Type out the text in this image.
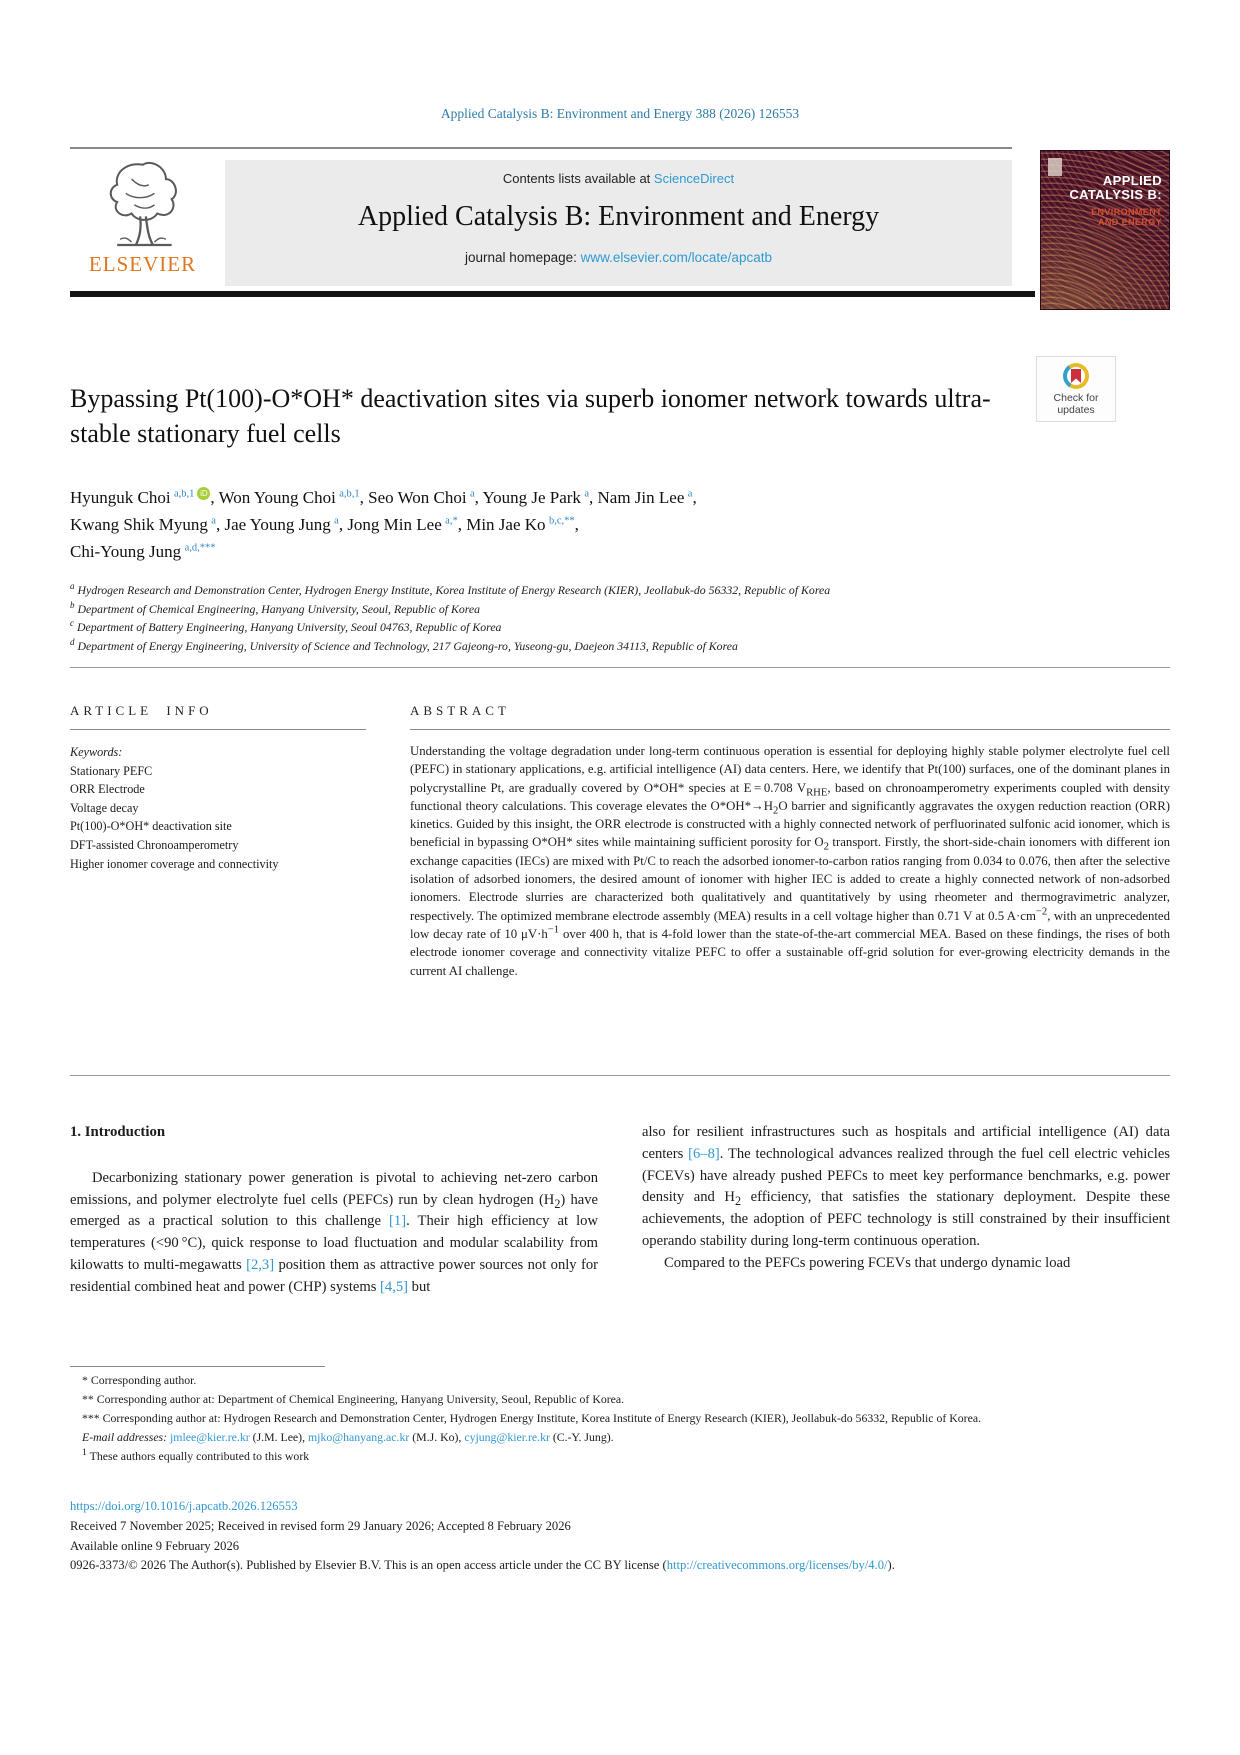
Applied Catalysis B: Environment and Energy 388 (2026) 126553
ELSEVIER
Contents lists available at ScienceDirect
Applied Catalysis B: Environment and Energy
journal homepage: www.elsevier.com/locate/apcatb
APPLIED
CATALYSIS B:
ENVIRONMENT
AND ENERGY
Check for
updates
Bypassing Pt(100)-O*OH* deactivation sites via superb ionomer network towards ultra-stable stationary fuel cells
Hyunguk Choi $^{a,b,1}$ iD , Won Young Choi $^{a,b,1}$, Seo Won Choi $^a$, Young Je Park $^a$, Nam Jin Lee $^a$,
Kwang Shik Myung $^a$, Jae Young Jung $^a$, Jong Min Lee $^{a,*}$, Min Jae Ko $^{b,c,**}$,
Chi-Young Jung $^{a,d,***}$
$^a$ Hydrogen Research and Demonstration Center, Hydrogen Energy Institute, Korea Institute of Energy Research (KIER), Jeollabuk-do 56332, Republic of Korea
$^b$ Department of Chemical Engineering, Hanyang University, Seoul, Republic of Korea
$^c$ Department of Battery Engineering, Hanyang University, Seoul 04763, Republic of Korea
$^d$ Department of Energy Engineering, University of Science and Technology, 217 Gajeong-ro, Yuseong-gu, Daejeon 34113, Republic of Korea
ARTICLE INFO
Keywords:
Stationary PEFC
ORR Electrode
Voltage decay
Pt(100)-O*OH* deactivation site
DFT-assisted Chronoamperometry
Higher ionomer coverage and connectivity
ABSTRACT
Understanding the voltage degradation under long-term continuous operation is essential for deploying highly stable polymer electrolyte fuel cell (PEFC) in stationary applications, e.g. artificial intelligence (AI) data centers. Here, we identify that Pt(100) surfaces, one of the dominant planes in polycrystalline Pt, are gradually covered by O*OH* species at E = 0.708 $V_{RHE}$, based on chronoamperometry experiments coupled with density functional theory calculations. This coverage elevates the $O*OH*\to H_2O$ barrier and significantly aggravates the oxygen reduction reaction (ORR) kinetics. Guided by this insight, the ORR electrode is constructed with a highly connected network of perfluorinated sulfonic acid ionomer, which is beneficial in bypassing O*OH* sites while maintaining sufficient porosity for $O_2$ transport. Firstly, the short-side-chain ionomers with different ion exchange capacities (IECs) are mixed with Pt/C to reach the adsorbed ionomer-to-carbon ratios ranging from 0.034 to 0.076, then after the selective isolation of adsorbed ionomers, the desired amount of ionomer with higher IEC is added to create a highly connected network of non-adsorbed ionomers. Electrode slurries are characterized both qualitatively and quantitatively by using rheometer and thermogravimetric analyzer, respectively. The optimized membrane electrode assembly (MEA) results in a cell voltage higher than 0.71 V at 0.5 $A\cdot cm^{-2}$, with an unprecedented low decay rate of 10 $\mu V\cdot h^{-1}$ over 400 h, that is 4-fold lower than the state-of-the-art commercial MEA. Based on these findings, the rises of both electrode ionomer coverage and connectivity vitalize PEFC to offer a sustainable off-grid solution for ever-growing electricity demands in the current AI challenge.
1. Introduction

Decarbonizing stationary power generation is pivotal to achieving net-zero carbon emissions, and polymer electrolyte fuel cells (PEFCs) run by clean hydrogen $(H_2)$ have emerged as a practical solution to this challenge [1]. Their high efficiency at low temperatures (<90 °C), quick response to load fluctuation and modular scalability from kilowatts to multi-megawatts [2,3] position them as attractive power sources not only for residential combined heat and power (CHP) systems [4,5] but

also for resilient infrastructures such as hospitals and artificial intelligence (AI) data centers [6–8]. The technological advances realized through the fuel cell electric vehicles (FCEVs) have already pushed PEFCs to meet key performance benchmarks, e.g. power density and $H_2$ efficiency, that satisfies the stationary deployment. Despite these achievements, the adoption of PEFC technology is still constrained by their insufficient operando stability during long-term continuous operation.

Compared to the PEFCs powering FCEVs that undergo dynamic load

* Corresponding author.

** Corresponding author at: Department of Chemical Engineering, Hanyang University, Seoul, Republic of Korea.

*** Corresponding author at: Hydrogen Research and Demonstration Center, Hydrogen Energy Institute, Korea Institute of Energy Research (KIER), Jeollabuk-do 56332, Republic of Korea.

E-mail addresses: jmlee@kier.re.kr (J.M. Lee), mjko@hanyang.ac.kr (M.J. Ko), cyjung@kier.re.kr (C.-Y. Jung).

$^1$ These authors equally contributed to this work

https://doi.org/10.1016/j.apcatb.2026.126553

Received 7 November 2025; Received in revised form 29 January 2026; Accepted 8 February 2026

Available online 9 February 2026

0926-3373/© 2026 The Author(s). Published by Elsevier B.V. This is an open access article under the CC BY license (http://creativecommons.org/licenses/by/4.0/).
